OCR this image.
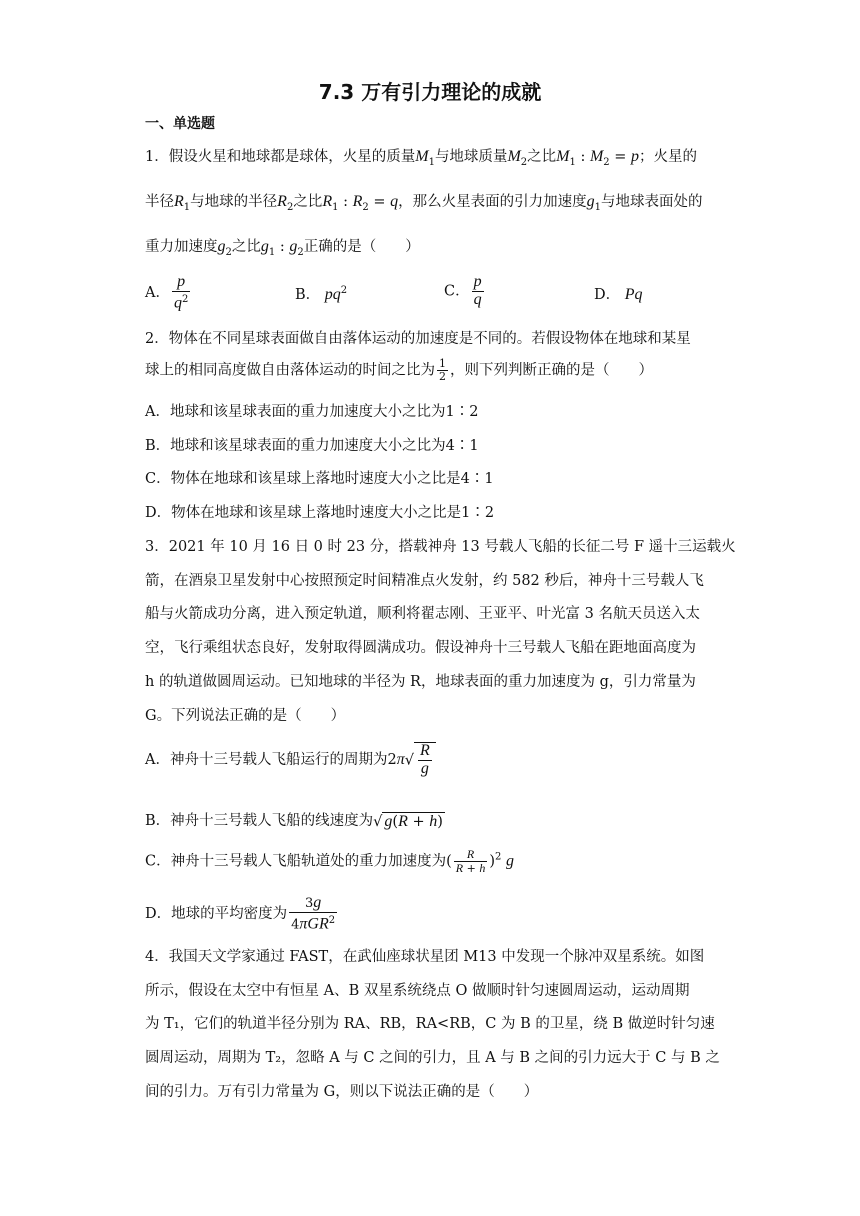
7.3 万有引力理论的成就
一、单选题
1．假设火星和地球都是球体，火星的质量$M_1$与地球质量$M_2$之比$M_1$ : $M_2 = p$；火星的
半径$R_1$与地球的半径$R_2$之比$R_1$ : $R_2 = q$，那么火星表面的引力加速度$g_1$与地球表面处的
重力加速度$g_2$之比$g_1$ : $g_2$正确的是（　　）
A． $\frac{p}{q^2}$	B． $pq^2$	C． $\frac{p}{q}$	D． Pq
2．物体在不同星球表面做自由落体运动的加速度是不同的。若假设物体在地球和某星
球上的相同高度做自由落体运动的时间之比为 $\frac{1}{2}$ ，则下列判断正确的是（　　）
A．地球和该星球表面的重力加速度大小之比为1∶2
B．地球和该星球表面的重力加速度大小之比为4∶1
C．物体在地球和该星球上落地时速度大小之比是4∶1
D．物体在地球和该星球上落地时速度大小之比是1∶2
3．2021 年 10 月 16 日 0 时 23 分，搭载神舟 13 号载人飞船的长征二号 F 遥十三运载火
箭，在酒泉卫星发射中心按照预定时间精准点火发射，约 582 秒后，神舟十三号载人飞
船与火箭成功分离，进入预定轨道，顺利将翟志刚、王亚平、叶光富 3 名航天员送入太
空，飞行乘组状态良好，发射取得圆满成功。假设神舟十三号载人飞船在距地面高度为
h 的轨道做圆周运动。已知地球的半径为 R，地球表面的重力加速度为 g，引力常量为
G。下列说法正确的是（　　）
A．神舟十三号载人飞船运行的周期为$2\pi√ \frac{R}{g}$
B．神舟十三号载人飞船的线速度为√ g(R + h)
C．神舟十三号载人飞船轨道处的重力加速度为( $\frac{R}{R + h} )^2$ g
D．地球的平均密度为 $\frac{3g}{4\pi GR^2}$
4．我国天文学家通过 FAST，在武仙座球状星团 M13 中发现一个脉冲双星系统。如图
所示，假设在太空中有恒星 A、B 双星系统绕点 O 做顺时针匀速圆周运动，运动周期
为 T₁，它们的轨道半径分别为 RA、RB，RA<RB，C 为 B 的卫星，绕 B 做逆时针匀速
圆周运动，周期为 T₂，忽略 A 与 C 之间的引力，且 A 与 B 之间的引力远大于 C 与 B 之
间的引力。万有引力常量为 G，则以下说法正确的是（　　）
